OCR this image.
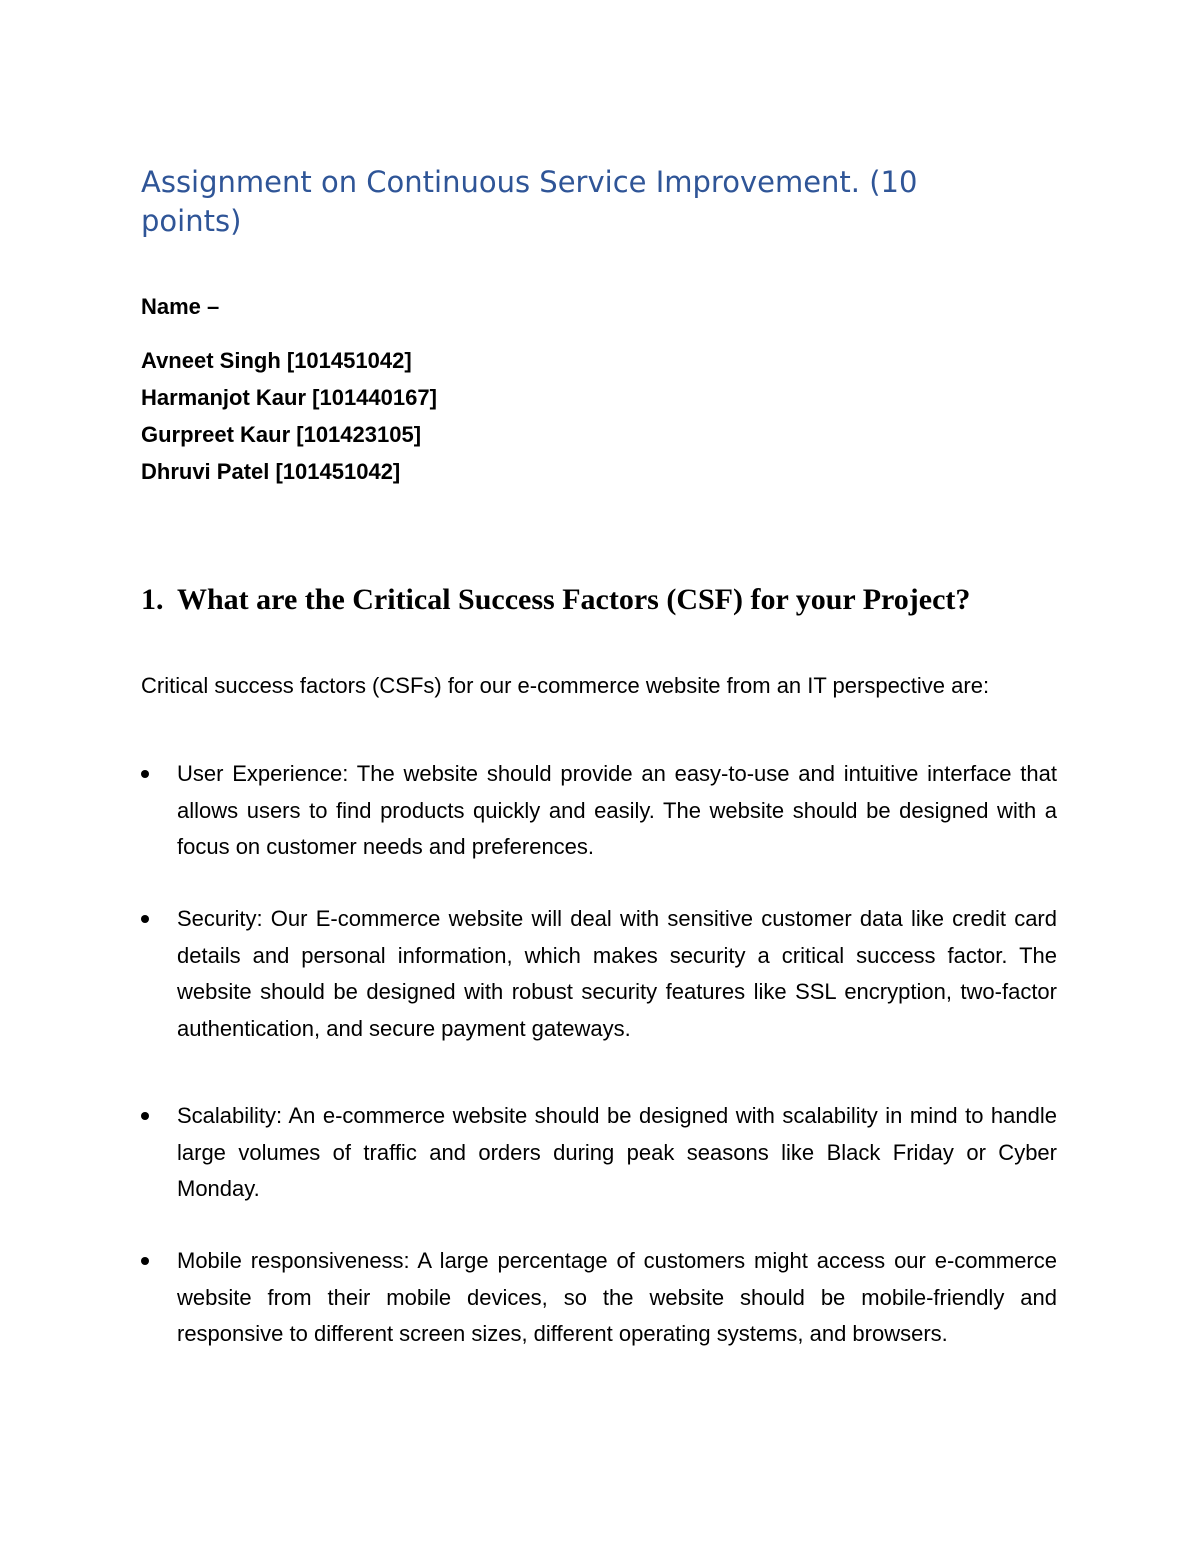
Assignment on Continuous Service Improvement. (10 points)

Name –

Avneet Singh [101451042]
Harmanjot Kaur [101440167]
Gurpreet Kaur [101423105]
Dhruvi Patel [101451042]
1. What are the Critical Success Factors (CSF) for your Project?

Critical success factors (CSFs) for our e-commerce website from an IT perspective are:

User Experience: The website should provide an easy-to-use and intuitive interface that allows users to find products quickly and easily. The website should be designed with a focus on customer needs and preferences.

Security: Our E-commerce website will deal with sensitive customer data like credit card details and personal information, which makes security a critical success factor. The website should be designed with robust security features like SSL encryption, two-factor authentication, and secure payment gateways.

Scalability: An e-commerce website should be designed with scalability in mind to handle large volumes of traffic and orders during peak seasons like Black Friday or Cyber Monday.

Mobile responsiveness: A large percentage of customers might access our e-commerce website from their mobile devices, so the website should be mobile-friendly and responsive to different screen sizes, different operating systems, and browsers.
